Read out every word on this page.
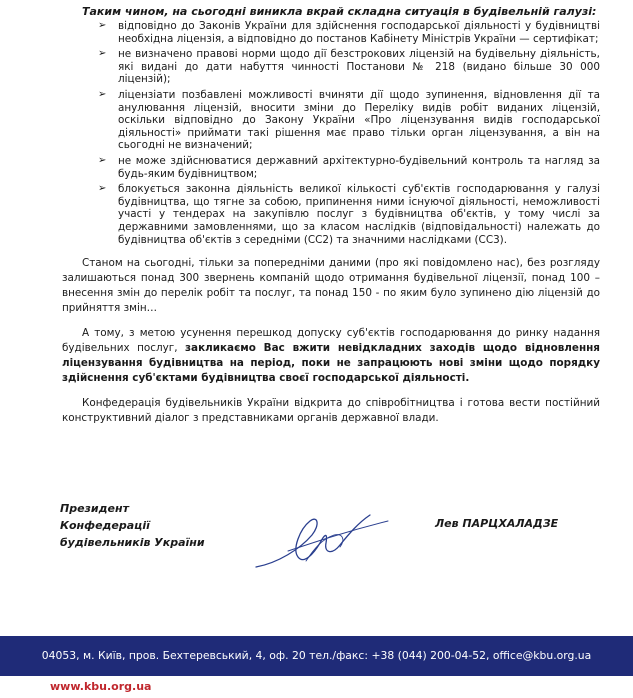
Таким чином, на сьогодні виникла вкрай складна ситуація в будівельній галузі:
➢ відповідно до Законів України для здійснення господарської діяльності у будівництві необхідна ліцензія, а відповідно до постанов Кабінету Міністрів України — сертифікат;
➢ не визначено правові норми щодо дії безстрокових ліцензій на будівельну діяльність, які видані до дати набуття чинності Постанови № 218 (видано більше 30 000 ліцензій);
➢ ліцензіати позбавлені можливості вчиняти дії щодо зупинення, відновлення дії та анулювання ліцензій, вносити зміни до Переліку видів робіт виданих ліцензій, оскільки відповідно до Закону України «Про ліцензування видів господарської діяльності» приймати такі рішення має право тільки орган ліцензування, а він на сьогодні не визначений;
➢ не може здійснюватися державний архітектурно-будівельний контроль та нагляд за будь-яким будівництвом;
➢ блокується законна діяльність великої кількості суб'єктів господарювання у галузі будівництва, що тягне за собою, припинення ними існуючої діяльності, неможливості участі у тендерах на закупівлю послуг з будівництва об'єктів, у тому числі за державними замовленнями, що за класом наслідків (відповідальності) належать до будівництва об'єктів з середніми (СС2) та значними наслідками (СС3).

Станом на сьогодні, тільки за попередніми даними (про які повідомлено нас), без розгляду залишаються понад 300 звернень компаній щодо отримання будівельної ліцензії, понад 100 – внесення змін до перелік робіт та послуг, та понад 150 - по яким було зупинено дію ліцензій до прийняття змін…

А тому, з метою усунення перешкод допуску суб'єктів господарювання до ринку надання будівельних послуг, закликаємо Вас вжити невідкладних заходів щодо відновлення ліцензування будівництва на період, поки не запрацюють нові зміни щодо порядку здійснення суб'єктами будівництва своєї господарської діяльності.

Конфедерація будівельників України відкрита до співробітництва і готова вести постійний конструктивний діалог з представниками органів державної влади.

Президент
Конфедерації
будівельників України
Лев ПАРЦХАЛАДЗЕ
04053, м. Київ, пров. Бехтеревський, 4, оф. 20 тел./факс: +38 (044) 200-04-52, office@kbu.org.ua
www.kbu.org.ua
